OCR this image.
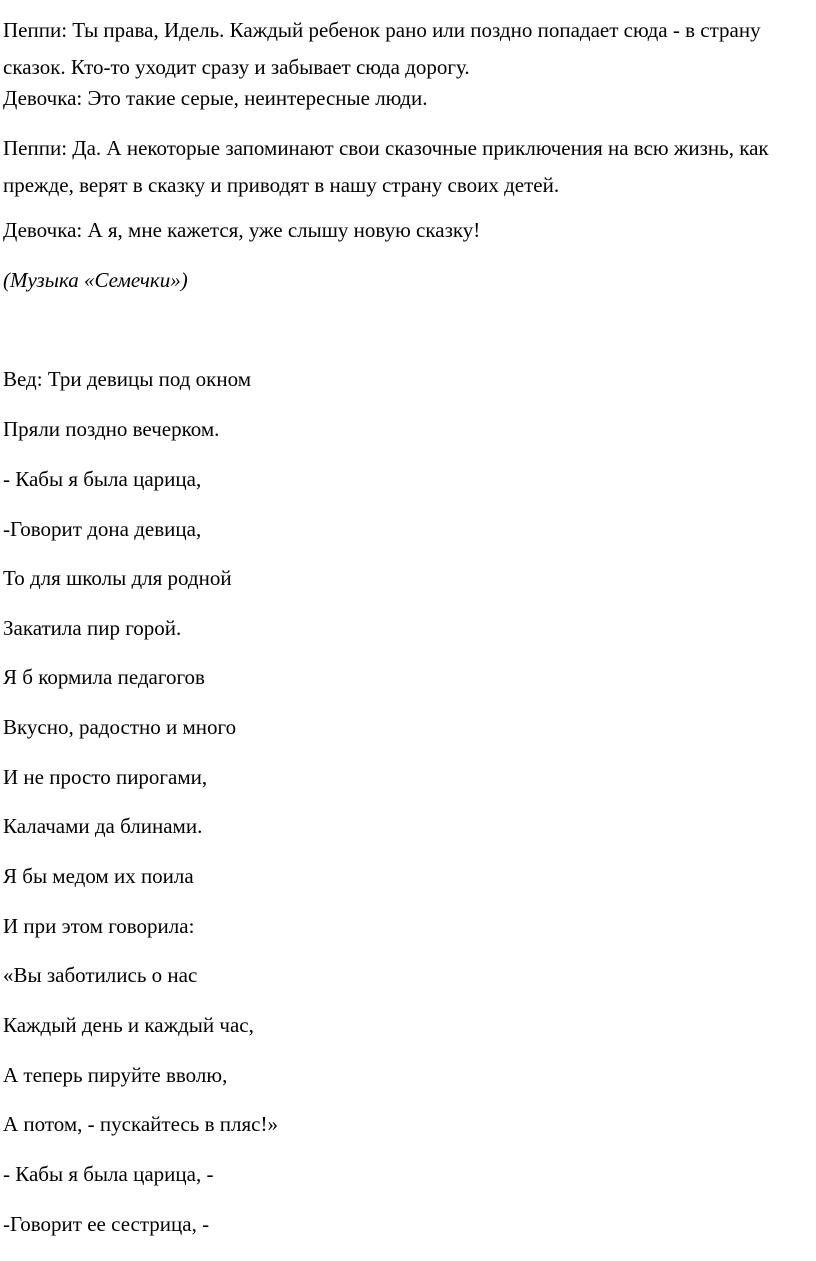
Пеппи: Ты права, Идель. Каждый ребенок рано или поздно попадает сюда - в страну сказок. Кто-то уходит сразу и забывает сюда дорогу.

Девочка: Это такие серые, неинтересные люди.

Пеппи: Да. А некоторые запоминают свои сказочные приключения на всю жизнь, как прежде, верят в сказку и приводят в нашу страну своих детей.

Девочка: А я, мне кажется, уже слышу новую сказку!

(Музыка «Семечки»)

Вед: Три девицы под окном

Пряли поздно вечерком.

- Кабы я была царица,

-Говорит дона девица,

То для школы для родной

Закатила пир горой.

Я б кормила педагогов

Вкусно, радостно и много

И не просто пирогами,

Калачами да блинами.

Я бы медом их поила

И при этом говорила:

«Вы заботились о нас

Каждый день и каждый час,

А теперь пируйте вволю,

А потом, - пускайтесь в пляс!»

- Кабы я была царица, -

-Говорит ее сестрица, -
